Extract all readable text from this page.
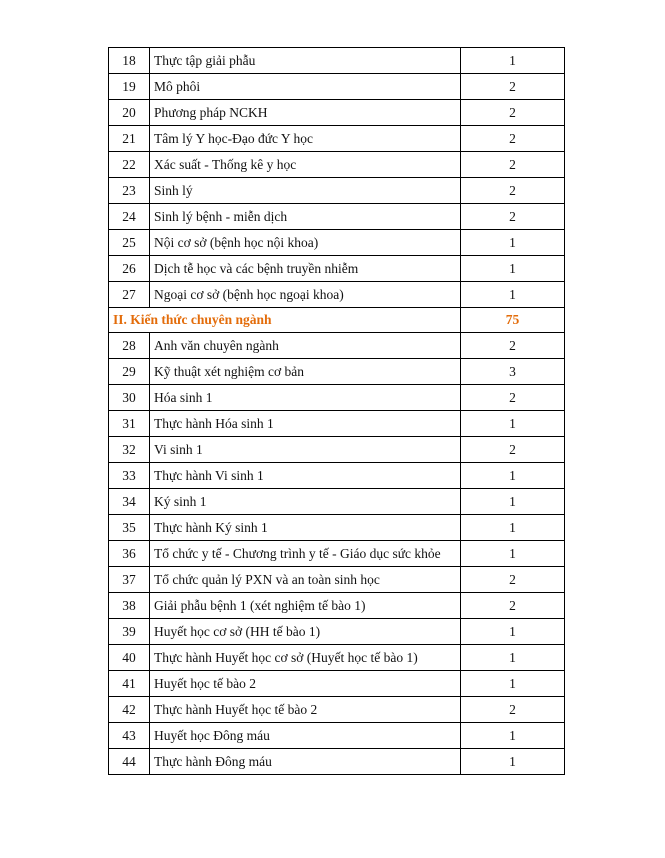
18	Thực tập giải phẫu	1
19	Mô phôi	2
20	Phương pháp NCKH	2
21	Tâm lý Y học-Đạo đức Y học	2
22	Xác suất - Thống kê y học	2
23	Sinh lý	2
24	Sinh lý bệnh - miễn dịch	2
25	Nội cơ sở (bệnh học nội khoa)	1
26	Dịch tễ học và các bệnh truyền nhiễm	1
27	Ngoại cơ sở (bệnh học ngoại khoa)	1
II. Kiến thức chuyên ngành		75
28	Anh văn chuyên ngành	2
29	Kỹ thuật xét nghiệm cơ bản	3
30	Hóa sinh 1	2
31	Thực hành Hóa sinh 1	1
32	Vi sinh 1	2
33	Thực hành Vi sinh 1	1
34	Ký sinh 1	1
35	Thực hành Ký sinh 1	1
36	Tổ chức y tế - Chương trình y tế - Giáo dục sức khỏe	1
37	Tổ chức quản lý PXN và an toàn sinh học	2
38	Giải phẫu bệnh 1 (xét nghiệm tế bào 1)	2
39	Huyết học cơ sở (HH tế bào 1)	1
40	Thực hành Huyết học cơ sở (Huyết học tế bào 1)	1
41	Huyết học tế bào 2	1
42	Thực hành Huyết học tế bào 2	2
43	Huyết học Đông máu	1
44	Thực hành Đông máu	1
